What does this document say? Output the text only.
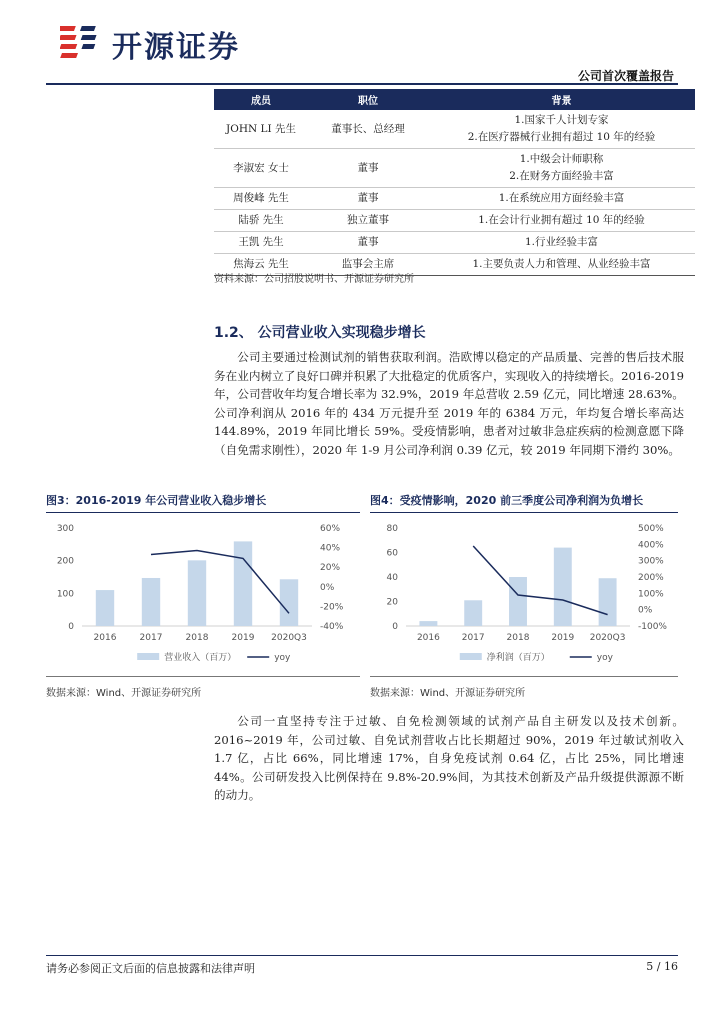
开源证券
公司首次覆盖报告
成员	职位	背景
JOHN LI 先生	董事长、总经理	1.国家千人计划专家
2.在医疗器械行业拥有超过 10 年的经验

李淑宏 女士	董事	1.中级会计师职称
2.在财务方面经验丰富

周俊峰 先生	董事	1.在系统应用方面经验丰富
陆骄 先生	独立董事	1.在会计行业拥有超过 10 年的经验
王凯 先生	董事	1.行业经验丰富
焦海云 先生	监事会主席	1.主要负责人力和管理、从业经验丰富
资料来源：公司招股说明书、开源证券研究所
1.2、 公司营业收入实现稳步增长
公司主要通过检测试剂的销售获取利润。浩欧博以稳定的产品质量、完善的售后技术服务在业内树立了良好口碑并积累了大批稳定的优质客户，实现收入的持续增长。2016-2019 年，公司营收年均复合增长率为 32.9%，2019 年总营收 2.59 亿元，同比增速 28.63%。公司净利润从 2016 年的 434 万元提升至 2019 年的 6384 万元，年均复合增长率高达 144.89%，2019 年同比增长 59%。受疫情影响，患者对过敏非急症疾病的检测意愿下降（自免需求刚性），2020 年 1-9 月公司净利润 0.39 亿元，较 2019 年同期下滑约 30%。
图3：2016-2019 年公司营业收入稳步增长	图4：受疫情影响，2020 前三季度公司净利润为负增长
0
100
200
300
-40%
-20%
0%
20%
40%
60%
2016	2017	2018	2019 2020Q3
营业收入（百万）	yoy
0
20
40
60
80
-100%
0%
100%
200%
300%
400%
500%
2016 2017 2018 2019 2020Q3
净利润（百万）	yoy
数据来源：Wind、开源证券研究所	数据来源：Wind、开源证券研究所
公司一直坚持专注于过敏、自免检测领域的试剂产品自主研发以及技术创新。2016~2019 年，公司过敏、自免试剂营收占比长期超过 90%，2019 年过敏试剂收入 1.7 亿，占比 66%，同比增速 17%，自身免疫试剂 0.64 亿，占比 25%，同比增速 44%。公司研发投入比例保持在 9.8%-20.9%间，为其技术创新及产品升级提供源源不断的动力。
请务必参阅正文后面的信息披露和法律声明	5 / 16
